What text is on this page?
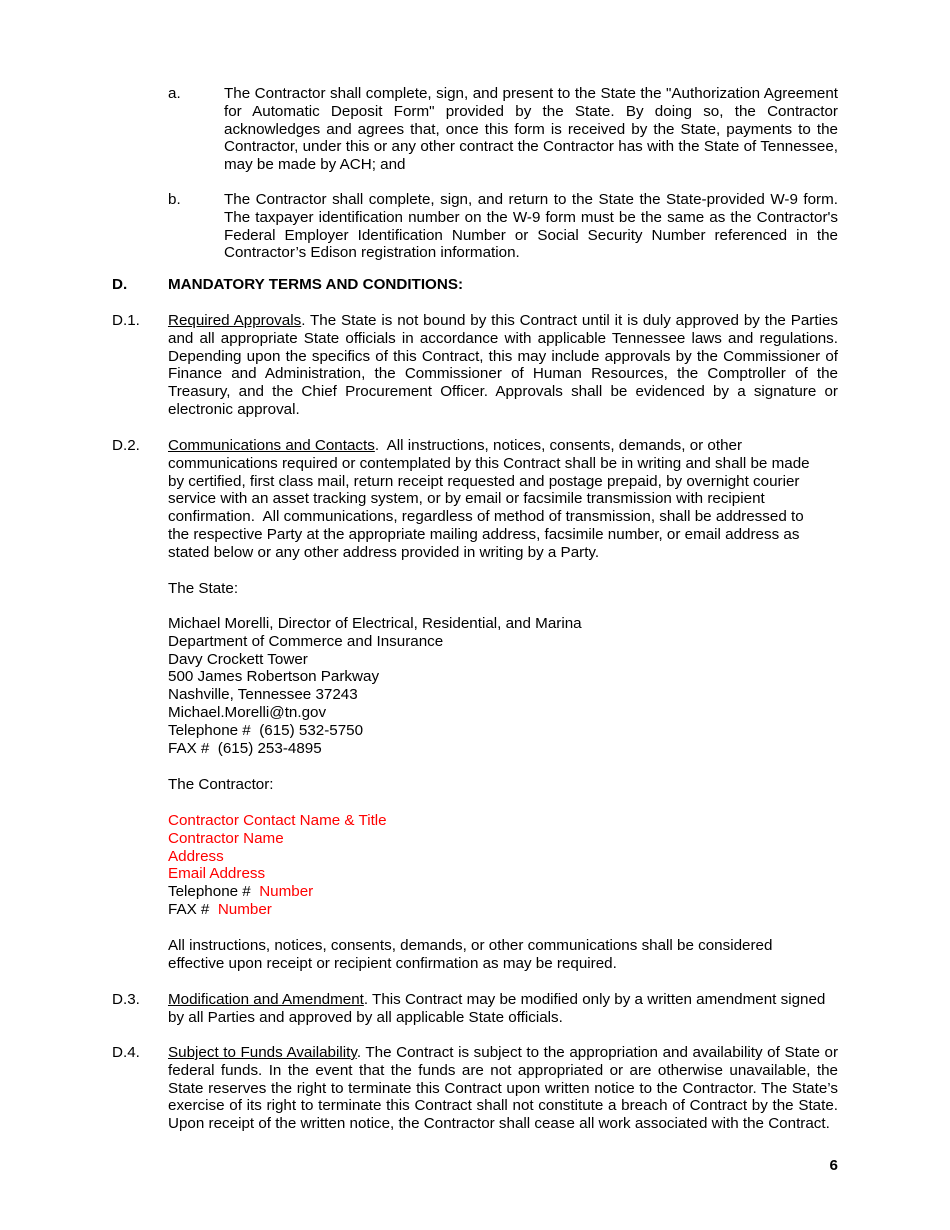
a.	The Contractor shall complete, sign, and present to the State the "Authorization Agreement for Automatic Deposit Form" provided by the State. By doing so, the Contractor acknowledges and agrees that, once this form is received by the State, payments to the Contractor, under this or any other contract the Contractor has with the State of Tennessee, may be made by ACH; and
b.	The Contractor shall complete, sign, and return to the State the State-provided W-9 form. The taxpayer identification number on the W-9 form must be the same as the Contractor's Federal Employer Identification Number or Social Security Number referenced in the Contractor’s Edison registration information.
D.	MANDATORY TERMS AND CONDITIONS:
D.1. Required Approvals. The State is not bound by this Contract until it is duly approved by the Parties and all appropriate State officials in accordance with applicable Tennessee laws and regulations. Depending upon the specifics of this Contract, this may include approvals by the Commissioner of Finance and Administration, the Commissioner of Human Resources, the Comptroller of the Treasury, and the Chief Procurement Officer. Approvals shall be evidenced by a signature or electronic approval.
D.2. Communications and Contacts.  All instructions, notices, consents, demands, or other
communications required or contemplated by this Contract shall be in writing and shall be made
by certified, first class mail, return receipt requested and postage prepaid, by overnight courier
service with an asset tracking system, or by email or facsimile transmission with recipient
confirmation.  All communications, regardless of method of transmission, shall be addressed to
the respective Party at the appropriate mailing address, facsimile number, or email address as
stated below or any other address provided in writing by a Party.
The State:
Michael Morelli, Director of Electrical, Residential, and Marina
Department of Commerce and Insurance
Davy Crockett Tower
500 James Robertson Parkway
Nashville, Tennessee 37243
Michael.Morelli@tn.gov
Telephone #  (615) 532-5750
FAX #  (615) 253-4895
The Contractor:
Contractor Contact Name & Title
Contractor Name
Address
Email Address
Telephone #  Number
FAX #  Number
All instructions, notices, consents, demands, or other communications shall be considered
effective upon receipt or recipient confirmation as may be required.
D.3. Modification and Amendment. This Contract may be modified only by a written amendment signed by all Parties and approved by all applicable State officials.
D.4. Subject to Funds Availability. The Contract is subject to the appropriation and availability of State or federal funds. In the event that the funds are not appropriated or are otherwise unavailable, the State reserves the right to terminate this Contract upon written notice to the Contractor. The State’s exercise of its right to terminate this Contract shall not constitute a breach of Contract by the State. Upon receipt of the written notice, the Contractor shall cease all work associated with the Contract.
6
